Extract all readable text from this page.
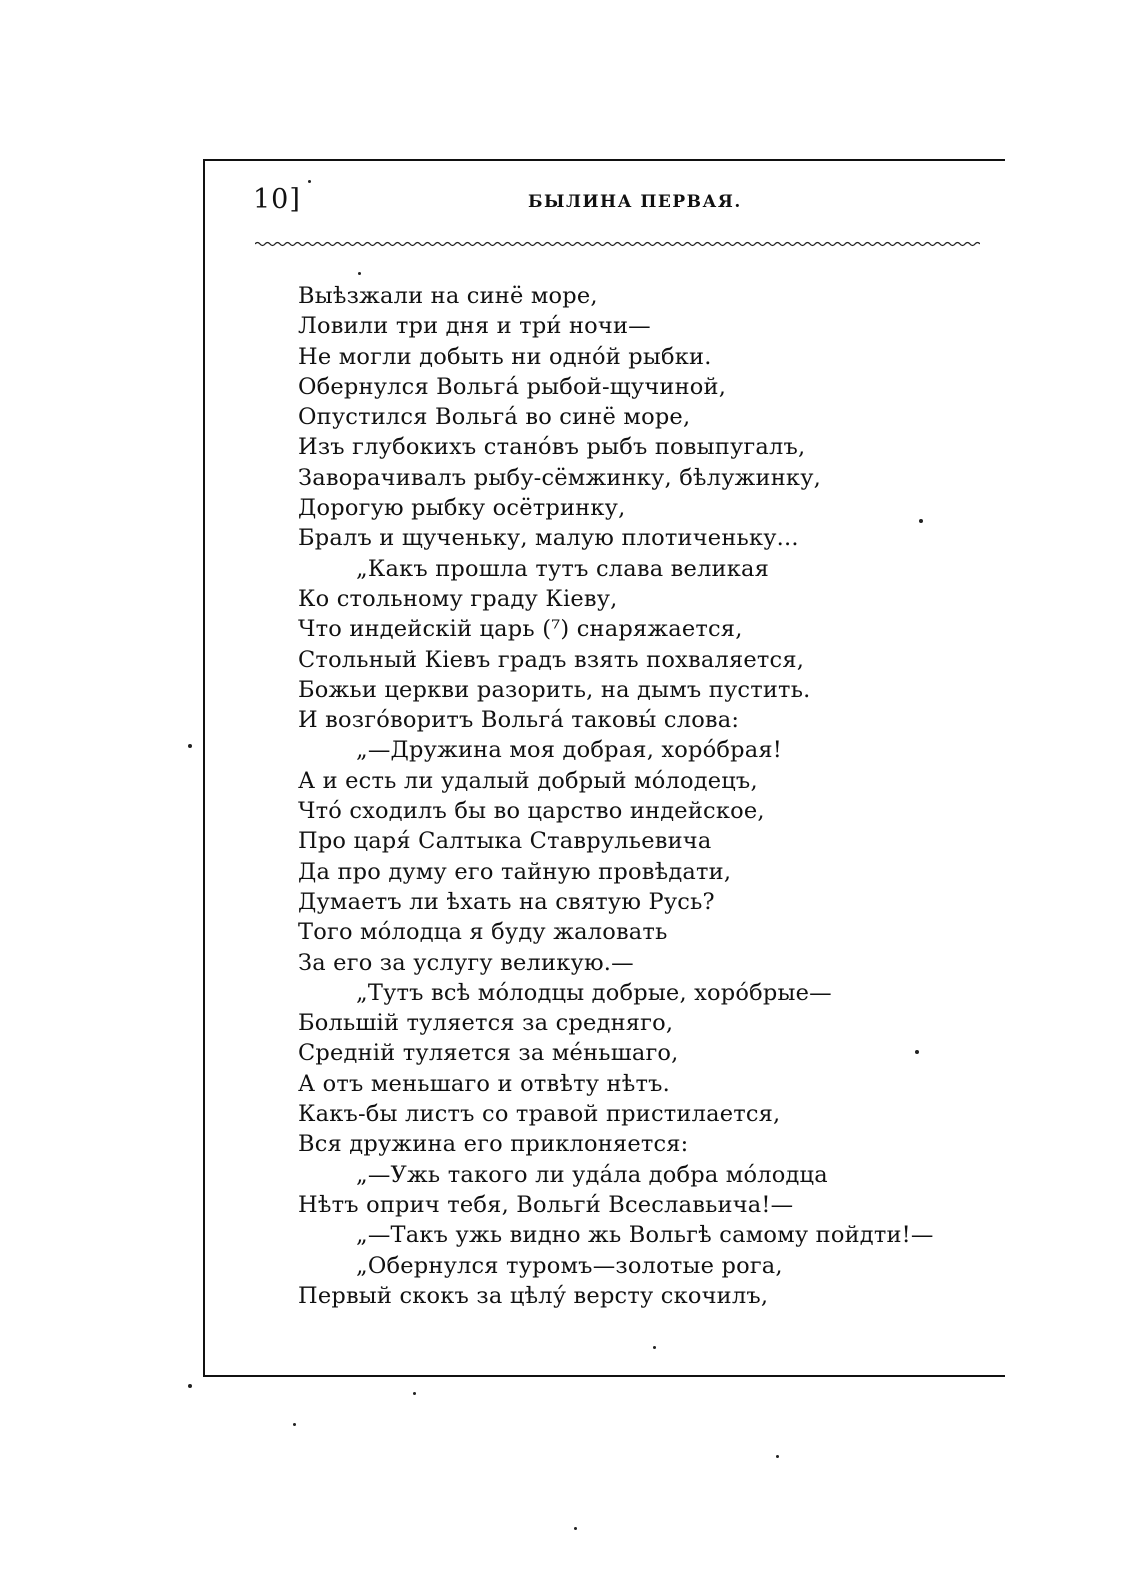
10]	БЫЛИНА ПЕРВАЯ.
Выѣзжали на синё море,
Ловили три дня и три́ ночи—
Не могли добыть ни одно́й рыбки.
Обернулся Вольга́ рыбой-щучиной,
Опустился Вольга́ во синё море,
Изъ глубокихъ стано́въ рыбъ повыпугалъ,
Заворачивалъ рыбу-сёмжинку, бѣлужинку,
Дорогую рыбку осётринку,
Бралъ и щученьку, малую плотиченьку...
„Какъ прошла тутъ слава великая
Ко стольному граду Кіеву,
Что индейскій царь (⁷) снаряжается,
Стольный Кіевъ градъ взять похваляется,
Божьи церкви разорить, на дымъ пустить.
И возго́воритъ Вольга́ таковы́ слова:
„—Дружина моя добрая, хоро́брая!
А и есть ли удалый добрый мо́лодецъ,
Что́ сходилъ бы во царство индейское,
Про царя́ Салтыка Ставрульевича
Да про думу его тайную провѣдати,
Думаетъ ли ѣхать на святую Русь?
Того мо́лодца я буду жаловать
За его за услугу великую.—
„Тутъ всѣ мо́лодцы добрые, хоро́брые—
Большій туляется за средняго,
Средній туляется за ме́ньшаго,
А отъ меньшаго и отвѣту нѣтъ.
Какъ-бы листъ со травой пристилается,
Вся дружина его приклоняется:
„—Ужь такого ли уда́ла добра мо́лодца
Нѣтъ оприч тебя, Вольги́ Всеславьича!—
„—Такъ ужь видно жь Вольгѣ самому пойдти!—
„Обернулся туромъ—золотые рога,
Первый скокъ за цѣлу́ версту скочилъ,
